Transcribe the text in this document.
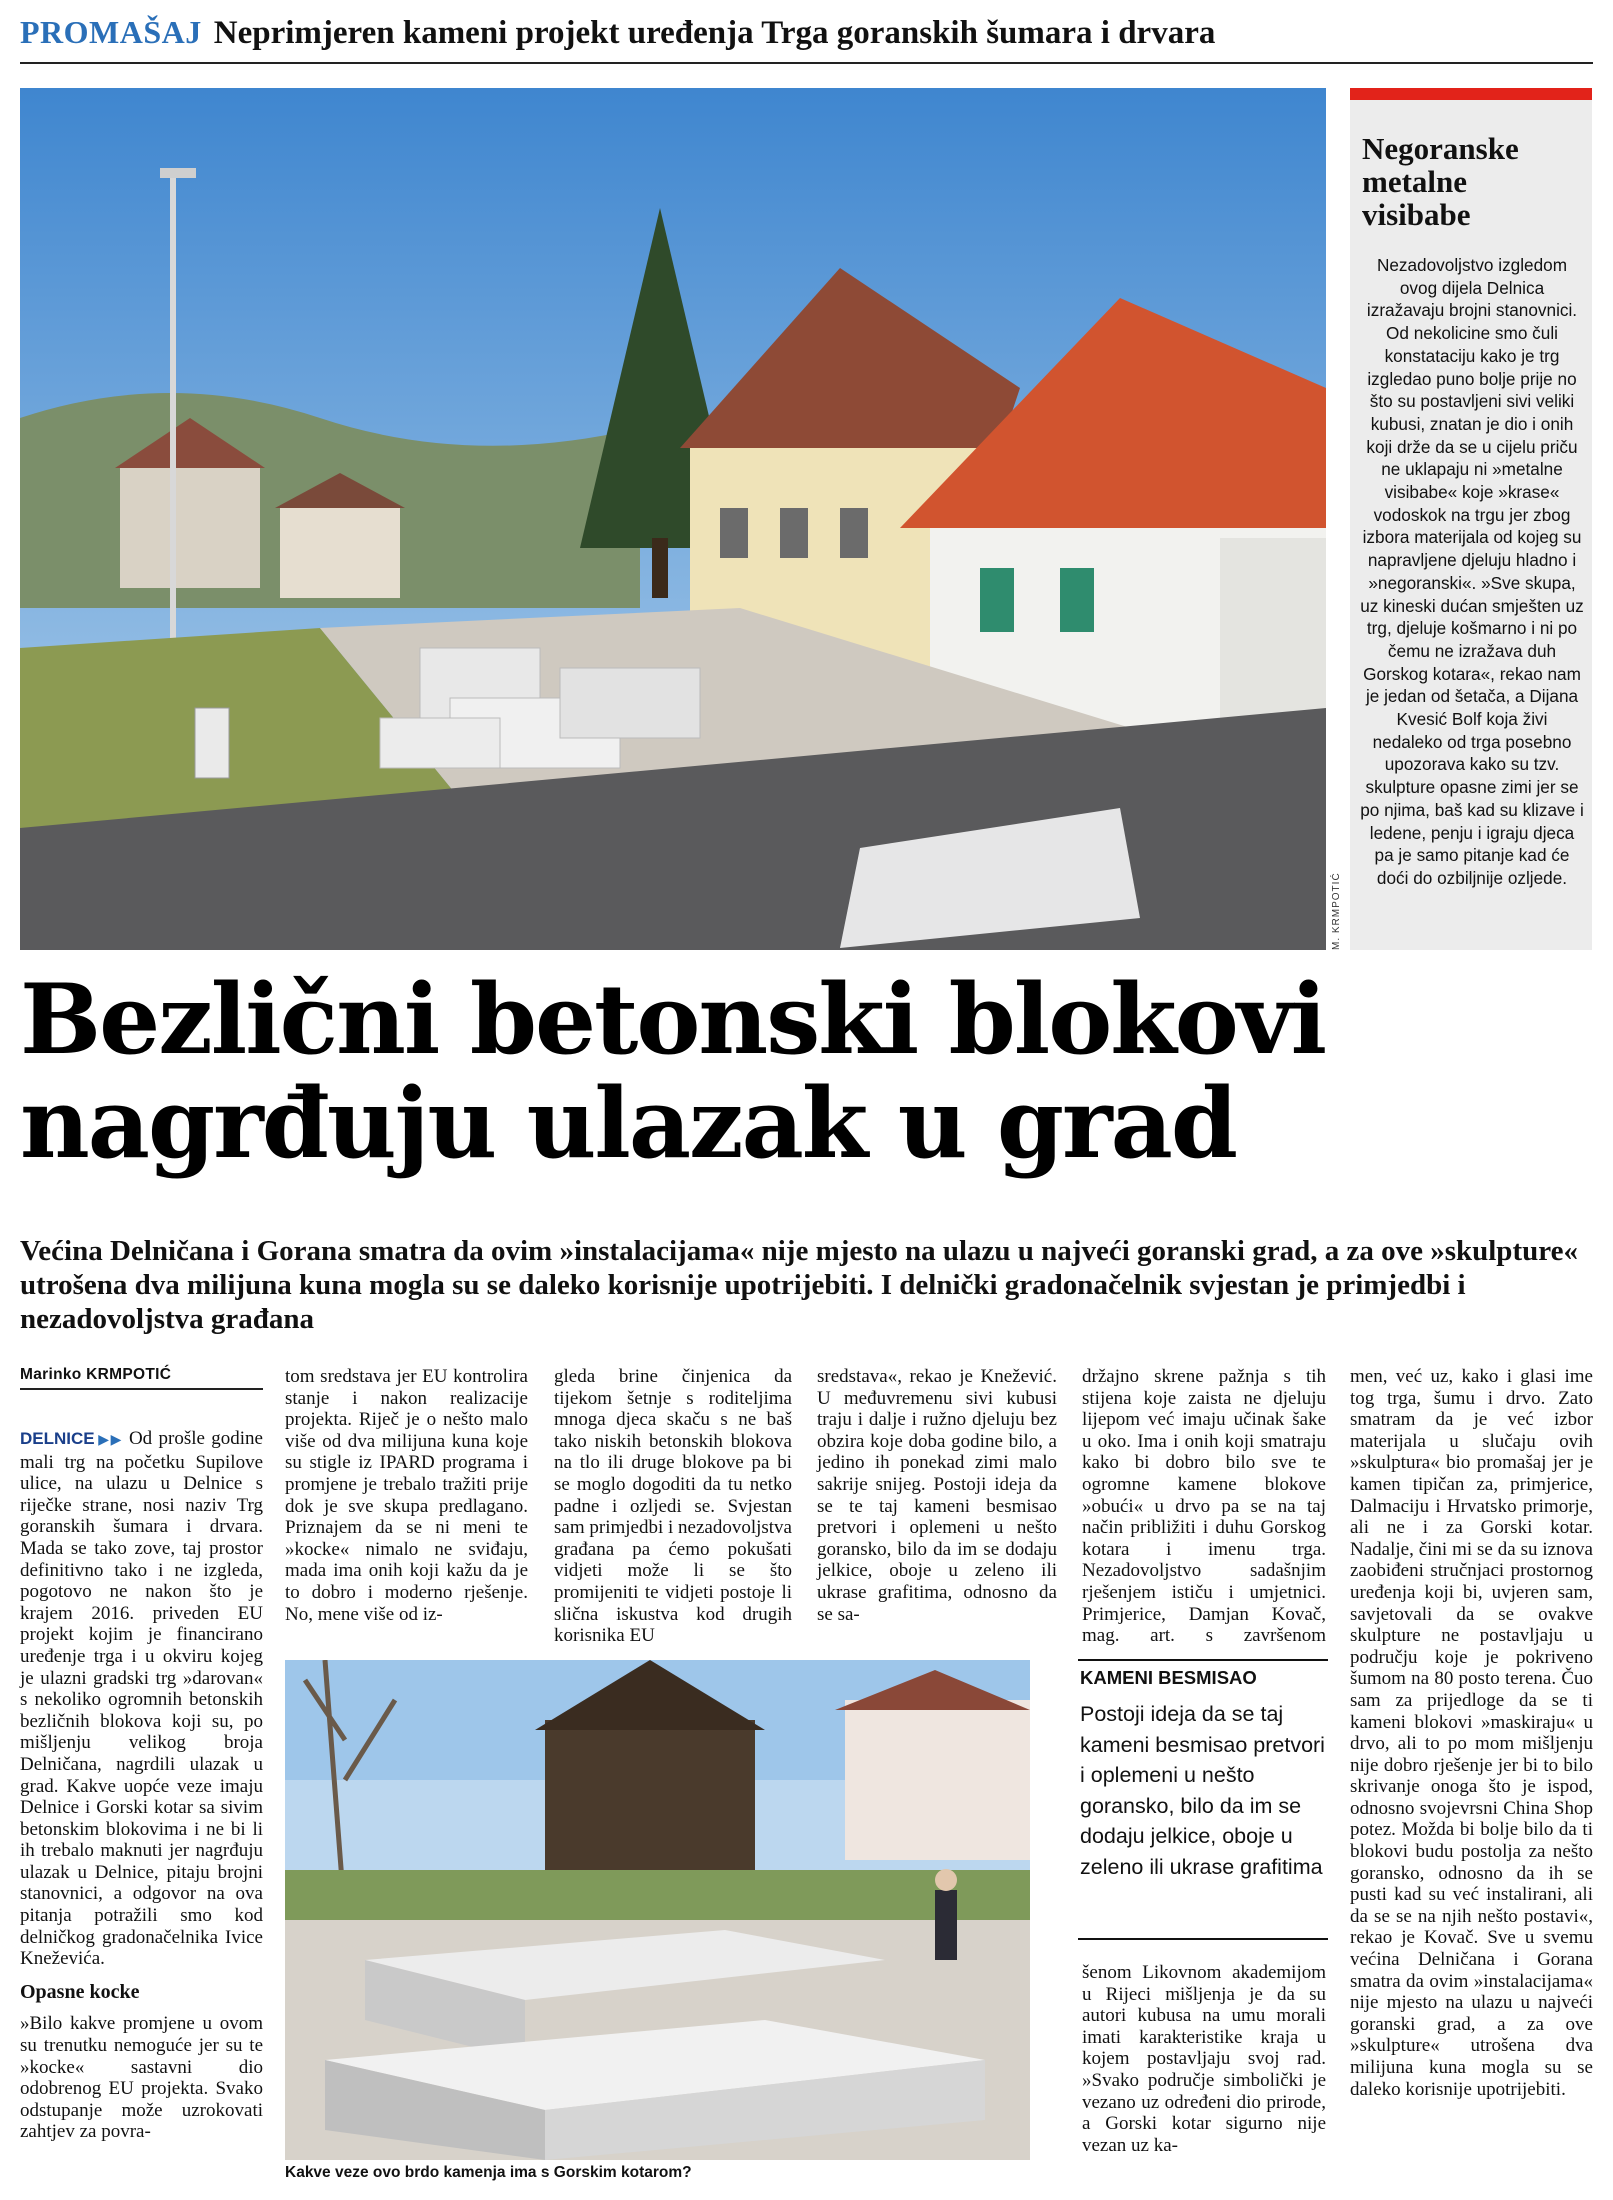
PROMAŠAJ Neprimjeren kameni projekt uređenja Trga goranskih šumara i drvara
M. KRMPOTIĆ
Negoranske metalne visibabe
Nezadovoljstvo izgledom ovog dijela Delnica izražavaju brojni stanovnici. Od nekolicine smo čuli konstataciju kako je trg izgledao puno bolje prije no što su postavljeni sivi veliki kubusi, znatan je dio i onih koji drže da se u cijelu priču ne uklapaju ni »metalne visibabe« koje »krase« vodoskok na trgu jer zbog izbora materijala od kojeg su napravljene djeluju hladno i »negoranski«. »Sve skupa, uz kineski dućan smješten uz trg, djeluje košmarno i ni po čemu ne izražava duh Gorskog kotara«, rekao nam je jedan od šetača, a Dijana Kvesić Bolf koja živi nedaleko od trga posebno upozorava kako su tzv. skulpture opasne zimi jer se po njima, baš kad su klizave i ledene, penju i igraju djeca pa je samo pitanje kad će doći do ozbiljnije ozljede.
Bezlični betonski blokovi
nagrđuju ulazak u grad
Većina Delničana i Gorana smatra da ovim »instalacijama« nije mjesto na ulazu u najveći goranski grad, a za ove »skulpture« utrošena dva milijuna kuna mogla su se daleko korisnije upotrijebiti. I delnički gradonačelnik svjestan je primjedbi i nezadovoljstva građana
Marinko KRMPOTIĆ
DELNICE ▶▶ Od prošle godine mali trg na početku Supilove ulice, na ulazu u Delnice s riječke strane, nosi naziv Trg goranskih šumara i drvara. Mada se tako zove, taj prostor definitivno tako i ne izgleda, pogotovo ne nakon što je krajem 2016. priveden EU projekt kojim je financirano uređenje trga i u okviru kojeg je ulazni gradski trg »darovan« s nekoliko ogromnih betonskih bezličnih blokova koji su, po mišljenju velikog broja Delničana, nagrdili ulazak u grad. Kakve uopće veze imaju Delnice i Gorski kotar sa sivim betonskim blokovima i ne bi li ih trebalo maknuti jer nagrđuju ulazak u Delnice, pitaju brojni stanovnici, a odgovor na ova pitanja potražili smo kod delničkog gradonačelnika Ivice Kneževića.
Opasne kocke
»Bilo kakve promjene u ovom su trenutku nemoguće jer su te »kocke« sastavni dio odobrenog EU projekta. Svako odstupanje može uzrokovati zahtjev za povra-
tom sredstava jer EU kontrolira stanje i nakon realizacije projekta. Riječ je o nešto malo više od dva milijuna kuna koje su stigle iz IPARD programa i promjene je trebalo tražiti prije dok je sve skupa predlagano. Priznajem da se ni meni te »kocke« nimalo ne sviđaju, mada ima onih koji kažu da je to dobro i moderno rješenje. No, mene više od iz-
gleda brine činjenica da tijekom šetnje s roditeljima mnoga djeca skaču s ne baš tako niskih betonskih blokova na tlo ili druge blokove pa bi se moglo dogoditi da tu netko padne i ozljedi se. Svjestan sam primjedbi i nezadovoljstva građana pa ćemo pokušati vidjeti može li se što promijeniti te vidjeti postoje li slična iskustva kod drugih korisnika EU
sredstava«, rekao je Knežević. U međuvremenu sivi kubusi traju i dalje i ružno djeluju bez obzira koje doba godine bilo, a jedino ih ponekad zimi malo sakrije snijeg. Postoji ideja da se te taj kameni besmisao pretvori i oplemeni u nešto goransko, bilo da im se dodaju jelkice, oboje u zeleno ili ukrase grafitima, odnosno da se sa-
držajno skrene pažnja s tih stijena koje zaista ne djeluju lijepom već imaju učinak šake u oko. Ima i onih koji smatraju kako bi dobro bilo sve te ogromne kamene blokove »obući« u drvo pa se na taj način približiti i duhu Gorskog kotara i imenu trga. Nezadovoljstvo sadašnjim rješenjem ističu i umjetnici. Primjerice, Damjan Kovač, mag. art. s završenom
KAMENI BESMISAO
Postoji ideja da se taj kameni besmisao pretvori i oplemeni u nešto goransko, bilo da im se dodaju jelkice, oboje u zeleno ili ukrase grafitima
šenom Likovnom akademijom u Rijeci mišljenja je da su autori kubusa na umu morali imati karakteristike kraja u kojem postavljaju svoj rad. »Svako područje simbolički je vezano uz određeni dio prirode, a Gorski kotar sigurno nije vezan uz ka-
men, već uz, kako i glasi ime tog trga, šumu i drvo. Zato smatram da je već izbor materijala u slučaju ovih »skulptura« bio promašaj jer je kamen tipičan za, primjerice, Dalmaciju i Hrvatsko primorje, ali ne i za Gorski kotar. Nadalje, čini mi se da su iznova zaobiđeni stručnjaci prostornog uređenja koji bi, uvjeren sam, savjetovali da se ovakve skulpture ne postavljaju u području koje je pokriveno šumom na 80 posto terena. Čuo sam za prijedloge da se ti kameni blokovi »maskiraju« u drvo, ali to po mom mišljenju nije dobro rješenje jer bi to bilo skrivanje onoga što je ispod, odnosno svojevrsni China Shop potez. Možda bi bolje bilo da ti blokovi budu postolja za nešto goransko, odnosno da ih se pusti kad su već instalirani, ali da se se na njih nešto postavi«, rekao je Kovač. Sve u svemu većina Delničana i Gorana smatra da ovim »instalacijama« nije mjesto na ulazu u najveći goranski grad, a za ove »skulpture« utrošena dva milijuna kuna mogla su se daleko korisnije upotrijebiti.
Kakve veze ovo brdo kamenja ima s Gorskim kotarom?
